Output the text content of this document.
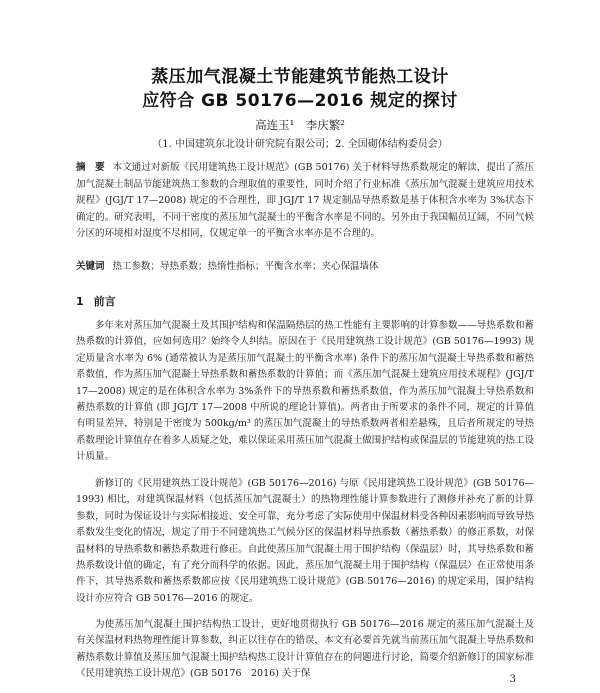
蒸压加气混凝土节能建筑节能热工设计
应符合 GB 50176—2016 规定的探讨
高连玉¹　李庆繁²
（1. 中国建筑东北设计研究院有限公司；2. 全国砌体结构委员会）

摘　要 本文通过对新版《民用建筑热工设计规范》(GB 50176) 关于材料导热系数规定的解读，提出了蒸压加气混凝土制品节能建筑热工参数的合理取值的重要性，同时介绍了行业标准《蒸压加气混凝土建筑应用技术规程》(JGJ/T 17—2008) 规定的不合理性，即 JGJ/T 17 规定制品导热系数是基于体积含水率为 3%状态下确定的。研究表明，不同干密度的蒸压加气混凝土的平衡含水率是不同的。另外由于我国幅员辽阔，不同气候分区的环境相对湿度不尽相同，仅规定单一的平衡含水率亦是不合理的。

关键词 热工参数；导热系数；热惰性指标；平衡含水率；夹心保温墙体
1 前言

多年来对蒸压加气混凝土及其围护结构和保温隔热层的热工性能有主要影响的计算参数——导热系数和蓄热系数的计算值，应如何选用？始终令人纠结。原因在于《民用建筑热工设计规范》(GB 50176—1993) 规定质量含水率为 6% (通常被认为是蒸压加气混凝土的平衡含水率) 条件下的蒸压加气混凝土导热系数和蓄热系数值，作为蒸压加气混凝土导热系数和蓄热系数的计算值；而《蒸压加气混凝土建筑应用技术规程》(JGJ/T 17—2008) 规定的是在体积含水率为 3%条件下的导热系数和蓄热系数值，作为蒸压加气混凝土导热系数和蓄热系数的计算值 (即 JGJ/T 17—2008 中所说的理论计算值)。两者由于所要求的条件不同，规定的计算值有明显差异，特别是干密度为 500kg/m³ 的蒸压加气混凝土的导热系数两者相差悬殊，且后者所规定的导热系数理论计算值存在着多人质疑之处，难以保证采用蒸压加气混凝土做围护结构或保温层的节能建筑的热工设计质量。

新修订的《民用建筑热工设计规范》(GB 50176—2016) 与原《民用建筑热工设计规范》(GB 50176—1993) 相比，对建筑保温材料（包括蒸压加气混凝土）的热物理性能计算参数进行了测修并补充了新的计算参数，同时为保证设计与实际相接近、安全可靠，充分考虑了实际使用中保温材料受各种因素影响而导致导热系数发生变化的情况，规定了用于不同建筑热工气候分区的保温材料导热系数（蓄热系数）的修正系数，对保温材料的导热系数和蓄热系数进行修正。自此使蒸压加气混凝土用于围护结构（保温层）时，其导热系数和蓄热系数设计值的确定，有了充分而科学的依据。因此，蒸压加气混凝土用于围护结构（保温层）在正常使用条件下，其导热系数和蓄热系数都应按《民用建筑热工设计规范》(GB 50176—2016) 的规定采用，围护结构设计亦应符合 GB 50176—2016 的规定。

为使蒸压加气混凝土围护结构热工设计，更好地贯彻执行 GB 50176—2016 规定的蒸压加气混凝土及有关保温材料热物理性能计算参数，纠正以往存在的错误，本文有必要首先就当前蒸压加气混凝土导热系数和蓄热系数计算值及蒸压加气混凝土围护结构热工设计计算值存在的问题进行讨论，简要介绍新修订的国家标准《民用建筑热工设计规范》(GB 50176　2016) 关于保

3
